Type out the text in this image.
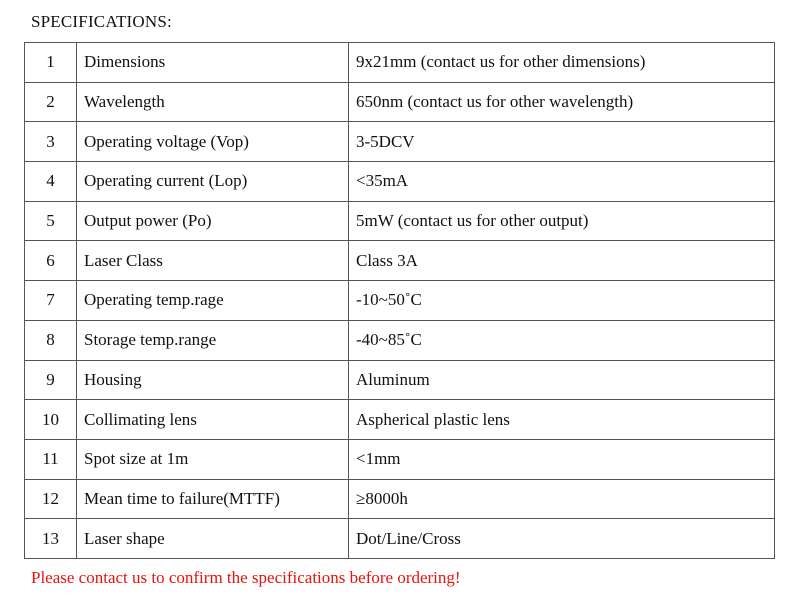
SPECIFICATIONS:
1	Dimensions	9x21mm (contact us for other dimensions)
2	Wavelength	650nm (contact us for other wavelength)
3	Operating voltage (Vop)	3-5DCV
4	Operating current (Lop)	<35mA
5	Output power (Po)	5mW (contact us for other output)
6	Laser Class	Class 3A
7	Operating temp.rage	-10~50˚C
8	Storage temp.range	-40~85˚C
9	Housing	Aluminum
10	Collimating lens	Aspherical plastic lens
11	Spot size at 1m	<1mm
12	Mean time to failure(MTTF)	≥8000h
13	Laser shape	Dot/Line/Cross
Please contact us to confirm the specifications before ordering!
